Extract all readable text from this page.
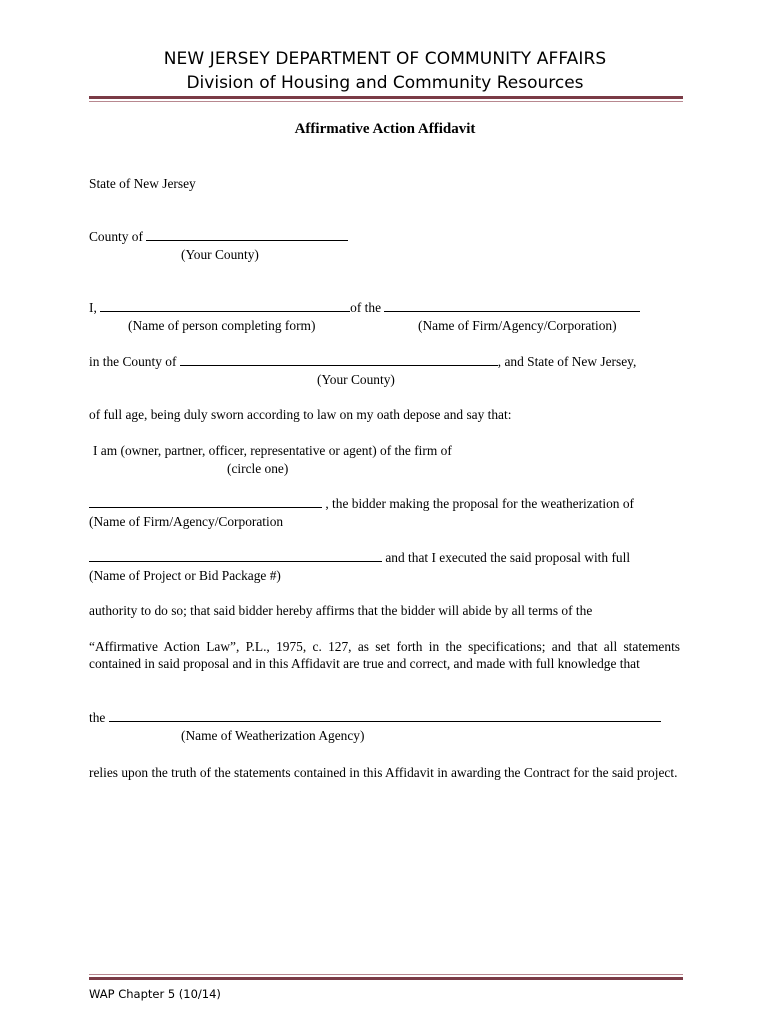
NEW JERSEY DEPARTMENT OF COMMUNITY AFFAIRS
Division of Housing and Community Resources
Affirmative Action Affidavit
State of New Jersey
County of
(Your County)
I,	of the
(Name of person completing form)	(Name of Firm/Agency/Corporation)
in the County of	, and State of New Jersey,
(Your County)
of full age, being duly sworn according to law on my oath depose and say that:
I am (owner, partner, officer, representative or agent) of the firm of
(circle one)
, the bidder making the proposal for the weatherization of
(Name of Firm/Agency/Corporation
and that I executed the said proposal with full
(Name of Project or Bid Package #)
authority to do so; that said bidder hereby affirms that the bidder will abide by all terms of the
“Affirmative Action Law”, P.L., 1975, c. 127, as set forth in the specifications; and that all statements contained in said proposal and in this Affidavit are true and correct, and made with full knowledge that
the
(Name of Weatherization Agency)
relies upon the truth of the statements contained in this Affidavit in awarding the Contract for the said project.
WAP Chapter 5 (10/14)
